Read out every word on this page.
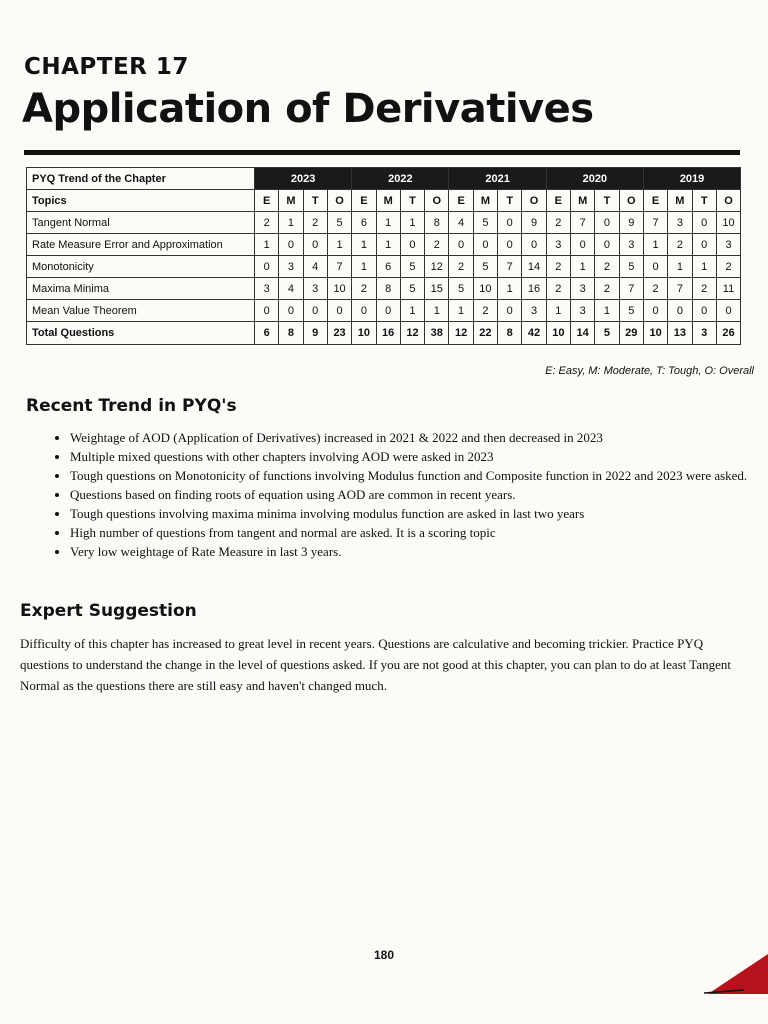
CHAPTER 17
Application of Derivatives
PYQ Trend of the Chapter	2023				2022				2021				2020				2019			
Topics	E	M	T	O	E	M	T	O	E	M	T	O	E	M	T	O	E	M	T	O
Tangent Normal	2	1	2	5	6	1	1	8	4	5	0	9	2	7	0	9	7	3	0	10
Rate Measure Error and Approximation	1	0	0	1	1	1	0	2	0	0	0	0	3	0	0	3	1	2	0	3
Monotonicity	0	3	4	7	1	6	5	12	2	5	7	14	2	1	2	5	0	1	1	2
Maxima Minima	3	4	3	10	2	8	5	15	5	10	1	16	2	3	2	7	2	7	2	11
Mean Value Theorem	0	0	0	0	0	0	1	1	1	2	0	3	1	3	1	5	0	0	0	0
Total Questions	6	8	9	23	10	16	12	38	12	22	8	42	10	14	5	29	10	13	3	26
E: Easy, M: Moderate, T: Tough, O: Overall
Recent Trend in PYQ's
• Weightage of AOD (Application of Derivatives) increased in 2021 & 2022 and then decreased in 2023
• Multiple mixed questions with other chapters involving AOD were asked in 2023
• Tough questions on Monotonicity of functions involving Modulus function and Composite function in 2022 and 2023 were asked.
• Questions based on finding roots of equation using AOD are common in recent years.
• Tough questions involving maxima minima involving modulus function are asked in last two years
• High number of questions from tangent and normal are asked. It is a scoring topic
• Very low weightage of Rate Measure in last 3 years.
Expert Suggestion

Difficulty of this chapter has increased to great level in recent years. Questions are calculative and becoming trickier. Practice PYQ questions to understand the change in the level of questions asked. If you are not good at this chapter, you can plan to do at least Tangent Normal as the questions there are still easy and haven't changed much.

180
